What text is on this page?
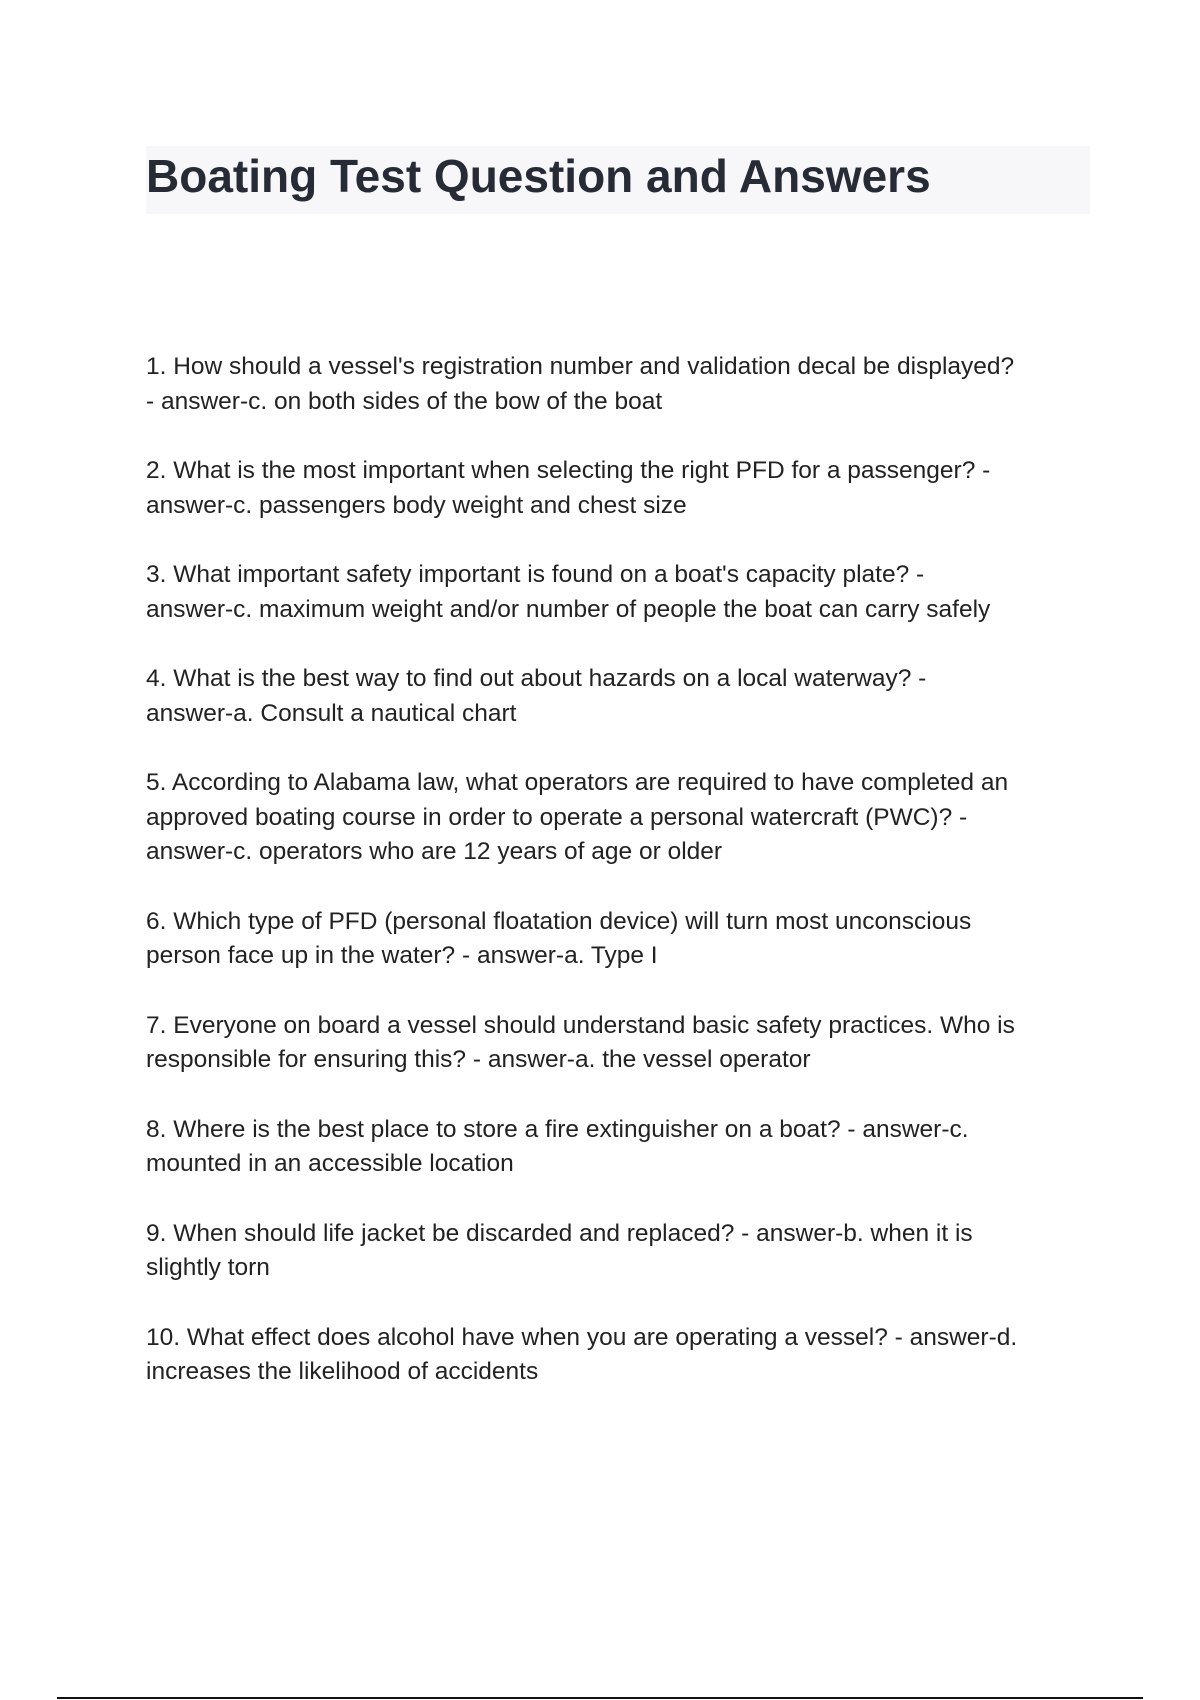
Boating Test Question and Answers
1. How should a vessel's registration number and validation decal be displayed?
- answer-c. on both sides of the bow of the boat
2. What is the most important when selecting the right PFD for a passenger? -
answer-c. passengers body weight and chest size
3. What important safety important is found on a boat's capacity plate? -
answer-c. maximum weight and/or number of people the boat can carry safely
4. What is the best way to find out about hazards on a local waterway? -
answer-a. Consult a nautical chart
5. According to Alabama law, what operators are required to have completed an
approved boating course in order to operate a personal watercraft (PWC)? -
answer-c. operators who are 12 years of age or older
6. Which type of PFD (personal floatation device) will turn most unconscious
person face up in the water? - answer-a. Type I
7. Everyone on board a vessel should understand basic safety practices. Who is
responsible for ensuring this? - answer-a. the vessel operator
8. Where is the best place to store a fire extinguisher on a boat? - answer-c.
mounted in an accessible location
9. When should life jacket be discarded and replaced? - answer-b. when it is
slightly torn
10. What effect does alcohol have when you are operating a vessel? - answer-d.
increases the likelihood of accidents
